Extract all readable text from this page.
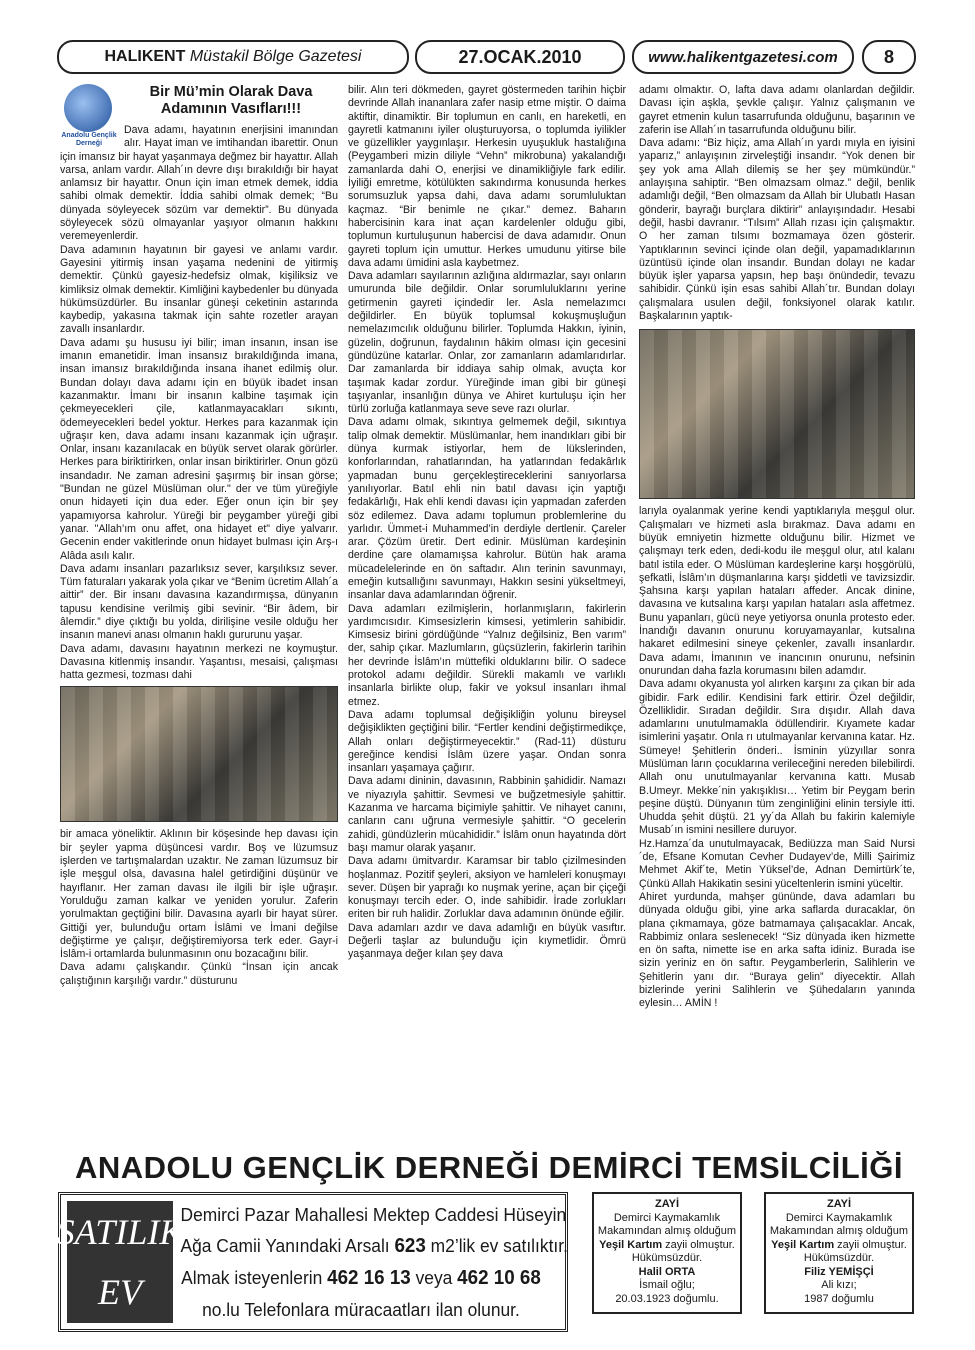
HALIKENT
Müstakil Bölge Gazetesi	27.OCAK.2010	www.halikentgazetesi.com	8
Anadolu Gençlik Derneği
Bir Mü’min Olarak Dava Adamının Vasıfları!!!

Dava adamı, hayatının enerjisini imanından alır. Hayat iman ve imtihandan ibarettir. Onun için imansız bir hayat yaşanmaya değmez bir hayattır. Allah varsa, anlam vardır. Allah´ın devre dışı bırakıldığı bir hayat anlamsız bir hayattır. Onun için iman etmek demek, iddia sahibi olmak demektir. İddia sahibi olmak demek; “Bu dünyada söyleyecek sözüm var demektir”. Bu dünyada söyleyecek sözü olmayanlar yaşıyor olmanın hakkını veremeyenlerdir.

Dava adamının hayatının bir gayesi ve anlamı vardır. Gayesini yitirmiş insan yaşama nedenini de yitirmiş demektir. Çünkü gayesiz-hedefsiz olmak, kişiliksiz ve kimliksiz olmak demektir. Kimliğini kaybedenler bu dünyada hükümsüzdürler. Bu insanlar güneşi ceketinin astarında kaybedip, yakasına takmak için sahte rozetler arayan zavallı insanlardır.

Dava adamı şu hususu iyi bilir; iman insanın, insan ise imanın emanetidir. İman insansız bırakıldığında imana, insan imansız bırakıldığında insana ihanet edilmiş olur. Bundan dolayı dava adamı için en büyük ibadet insan kazanmaktır. İmanı bir insanın kalbine taşımak için çekmeyecekleri çile, katlanmayacakları sıkıntı, ödemeyecekleri bedel yoktur. Herkes para kazanmak için uğraşır ken, dava adamı insanı kazanmak için uğraşır. Onlar, insanı kazanılacak en büyük servet olarak görürler. Herkes para biriktirirken, onlar insan biriktirirler. Onun gözü insandadır. Ne zaman adresini şaşırmış bir insan görse; "Bundan ne güzel Müslüman olur." der ve tüm yüreğiyle onun hidayeti için dua eder. Eğer onun için bir şey yapamıyorsa kahrolur. Yüreği bir peygamber yüreği gibi yanar. "Allah’ım onu affet, ona hidayet et" diye yalvarır. Gecenin ender vakitlerinde onun hidayet bulması için Arş-ı Alâda asılı kalır.

Dava adamı insanları pazarlıksız sever, karşılıksız sever. Tüm faturaları yakarak yola çıkar ve “Benim ücretim Allah´a aittir” der. Bir insanı davasına kazandırmışsa, dünyanın tapusu kendisine verilmiş gibi sevinir. “Bir âdem, bir âlemdir.” diye çıktığı bu yolda, dirilişine vesile olduğu her insanın manevi anası olmanın haklı gururunu yaşar.

Dava adamı, davasını hayatının merkezi ne koymuştur. Davasına kitlenmiş insandır. Yaşantısı, mesaisi, çalışması hatta gezmesi, tozması dahi

bir amaca yöneliktir. Aklının bir köşesinde hep davası için bir şeyler yapma düşüncesi vardır. Boş ve lüzumsuz işlerden ve tartışmalardan uzaktır. Ne zaman lüzumsuz bir işle meşgul olsa, davasına halel getirdiğini düşünür ve hayıflanır. Her zaman davası ile ilgili bir işle uğraşır. Yorulduğu zaman kalkar ve yeniden yorulur. Zaferin yorulmaktan geçtiğini bilir. Davasına ayarlı bir hayat sürer. Gittiği yer, bulunduğu ortam İslâmi ve İmani değilse değiştirme ye çalışır, değiştiremiyorsa terk eder. Gayr-i İslâm-i ortamlarda bulunmasının onu bozacağını bilir.

Dava adamı çalışkandır. Çünkü “İnsan için ancak çalıştığının karşılığı vardır.” düsturunu

bilir. Alın teri dökmeden, gayret göstermeden tarihin hiçbir devrinde Allah inananlara zafer nasip etme miştir. O daima aktiftir, dinamiktir. Bir toplumun en canlı, en hareketli, en gayretli katmanını iyiler oluşturuyorsa, o toplumda iyilikler ve güzellikler yaygınlaşır. Herkesin uyuşukluk hastalığına (Peygamberi mizin diliyle “Vehn” mikrobuna) yakalandığı zamanlarda dahi O, enerjisi ve dinamikliğiyle fark edilir. İyiliği emretme, kötülükten sakındırma konusunda herkes sorumsuzluk yapsa dahi, dava adamı sorumluluktan kaçmaz. “Bir benimle ne çıkar.” demez. Baharın habercisinin kara inat açan kardelenler olduğu gibi, toplumun kurtuluşunun habercisi de dava adamıdır. Onun gayreti toplum için umuttur. Herkes umudunu yitirse bile dava adamı ümidini asla kaybetmez.

Dava adamları sayılarının azlığına aldırmazlar, sayı onların umurunda bile değildir. Onlar sorumluluklarını yerine getirmenin gayreti içindedir ler. Asla nemelazımcı değildirler. En büyük toplumsal kokuşmuşluğun nemelazımcılık olduğunu bilirler. Toplumda Hakkın, iyinin, güzelin, doğrunun, faydalının hâkim olması için gecesini gündüzüne katarlar. Onlar, zor zamanların adamlarıdırlar. Dar zamanlarda bir iddiaya sahip olmak, avuçta kor taşımak kadar zordur. Yüreğinde iman gibi bir güneşi taşıyanlar, insanlığın dünya ve Ahiret kurtuluşu için her türlü zorluğa katlanmaya seve seve razı olurlar.

Dava adamı olmak, sıkıntıya gelmemek değil, sıkıntıya talip olmak demektir. Müslümanlar, hem inandıkları gibi bir dünya kurmak istiyorlar, hem de lükslerinden, konforlarından, rahatlarından, ha yatlarından fedakârlık yapmadan bunu gerçekleştireceklerini sanıyorlarsa yanılıyorlar. Batıl ehli nin batıl davası için yaptığı fedakârlığı, Hak ehli kendi davası için yapmadan zaferden söz edilemez. Dava adamı toplumun problemlerine du yarlıdır. Ümmet-i Muhammed’in derdiyle dertlenir. Çareler arar. Çözüm üretir. Dert edinir. Müslüman kardeşinin derdine çare olamamışsa kahrolur. Bütün hak arama mücadelelerinde en ön saftadır. Alın terinin savunmayı, emeğin kutsallığını savunmayı, Hakkın sesini yükseltmeyi, insanlar dava adamlarından öğrenir.

Dava adamları ezilmişlerin, horlanmışların, fakirlerin yardımcısıdır. Kimsesizlerin kimsesi, yetimlerin sahibidir. Kimsesiz birini gördüğünde “Yalnız değilsiniz, Ben varım” der, sahip çıkar. Mazlumların, güçsüzlerin, fakirlerin tarihin her devrinde İslâm’ın müttefiki olduklarını bilir. O sadece protokol adamı değildir. Sürekli makamlı ve varlıklı insanlarla birlikte olup, fakir ve yoksul insanları ihmal etmez.

Dava adamı toplumsal değişikliğin yolunu bireysel değişiklikten geçtiğini bilir. “Fertler kendini değiştirmedikçe, Allah onları değiştirmeyecektir.” (Rad-11) düsturu gereğince kendisi İslâm üzere yaşar. Ondan sonra insanları yaşamaya çağırır.

Dava adamı dininin, davasının, Rabbinin şahididir. Namazı ve niyazıyla şahittir. Sevmesi ve buğzetmesiyle şahittir. Kazanma ve harcama biçimiyle şahittir. Ve nihayet canını, canların canı uğruna vermesiyle şahittir. “O gecelerin zahidi, gündüzlerin mücahididir.” İslâm onun hayatında dört başı mamur olarak yaşanır.

Dava adamı ümitvardır. Karamsar bir tablo çizilmesinden hoşlanmaz. Pozitif şeyleri, aksiyon ve hamleleri konuşmayı sever. Düşen bir yaprağı ko nuşmak yerine, açan bir çiçeği konuşmayı tercih eder. O, inde sahibidir. İrade zorlukları eriten bir ruh halidir. Zorluklar dava adamının önünde eğilir.

Dava adamları azdır ve dava adamlığı en büyük vasıftır. Değerli taşlar az bulunduğu için kıymetlidir. Ömrü yaşanmaya değer kılan şey dava

adamı olmaktır. O, lafta dava adamı olanlardan değildir. Davası için aşkla, şevkle çalışır. Yalnız çalışmanın ve gayret etmenin kulun tasarrufunda olduğunu, başarının ve zaferin ise Allah´ın tasarrufunda olduğunu bilir.

Dava adamı: “Biz hiçiz, ama Allah´ın yardı mıyla en iyisini yaparız,” anlayışının zirveleştiği insandır. “Yok denen bir şey yok ama Allah dilemiş se her şey mümkündür.” anlayışına sahiptir. “Ben olmazsam olmaz.” değil, benlik adamlığı değil, “Ben olmazsam da Allah bir Ulubatlı Hasan gönderir, bayrağı burçlara diktirir” anlayışındadır. Hesabi değil, hasbi davranır. “Tılsım” Allah rızası için çalışmaktır. O her zaman tılsımı bozmamaya özen gösterir. Yaptıklarının sevinci içinde olan değil, yapamadıklarının üzüntüsü içinde olan insandır. Bundan dolayı ne kadar büyük işler yaparsa yapsın, hep başı önündedir, tevazu sahibidir. Çünkü işin esas sahibi Allah´tır. Bundan dolayı çalışmalara usulen değil, fonksiyonel olarak katılır. Başkalarının yaptık-

larıyla oyalanmak yerine kendi yaptıklarıyla meşgul olur. Çalışmaları ve hizmeti asla bırakmaz. Dava adamı en büyük emniyetin hizmette olduğunu bilir. Hizmet ve çalışmayı terk eden, dedi-kodu ile meşgul olur, atıl kalanı batıl istila eder. O Müslüman kardeşlerine karşı hoşgörülü, şefkatli, İslâm’ın düşmanlarına karşı şiddetli ve tavizsizdir. Şahsına karşı yapılan hataları affeder. Ancak dinine, davasına ve kutsalına karşı yapılan hataları asla affetmez. Bunu yapanları, gücü neye yetiyorsa onunla protesto eder. İnandığı davanın onurunu koruyamayanlar, kutsalına hakaret edilmesini sineye çekenler, zavallı insanlardır. Dava adamı, İmanının ve inancının onurunu, nefsinin onurundan daha fazla korumasını bilen adamdır.

Dava adamı okyanusta yol alırken karşını za çıkan bir ada gibidir. Fark edilir. Kendisini fark ettirir. Özel değildir, Özelliklidir. Sıradan değildir. Sıra dışıdır. Allah dava adamlarını unutulmamakla ödüllendirir. Kıyamete kadar isimlerini yaşatır. Onla rı utulmayanlar kervanına katar. Hz. Sümeye! Şehitlerin önderi.. İsminin yüzyıllar sonra Müslüman ların çocuklarına verileceğini nereden bilebilirdi. Allah onu unutulmayanlar kervanına kattı. Musab B.Umeyr. Mekke´nin yakışıklısı… Yetim bir Peygam berin peşine düştü. Dünyanın tüm zenginliğini elinin tersiyle itti. Uhudda şehit düştü. 21 yy´da Allah bu fakirin kalemiyle Musab´ın ismini nesillere duruyor.

Hz.Hamza´da unutulmayacak, Bediüzza man Said Nursi´de, Efsane Komutan Cevher Dudayev’de, Milli Şairimiz Mehmet Akif´te, Metin Yüksel’de, Adnan Demirtürk´te, Çünkü Allah Hakikatin sesini yüceltenlerin ismini yüceltir.

Ahiret yurdunda, mahşer gününde, dava adamları bu dünyada olduğu gibi, yine arka saflarda duracaklar, ön plana çıkmamaya, göze batmamaya çalışacaklar. Ancak, Rabbimiz onlara seslenecek! “Siz dünyada iken hizmette en ön safta, nimette ise en arka safta idiniz. Burada ise sizin yeriniz en ön saftır. Peygamberlerin, Salihlerin ve Şehitlerin yanı dır. “Buraya gelin” diyecektir. Allah bizlerinde yerini Salihlerin ve Şühedaların yanında eylesin… AMİN !

ANADOLU GENÇLİK DERNEĞİ DEMİRCİ TEMSİLCİLİĞİ
SATILIK
EV
Demirci Pazar Mahallesi Mektep Caddesi Hüseyin
Ağa Camii Yanındaki Arsalı 623 m2’lik ev satılıktır.
Almak isteyenlerin 462 16 13 veya 462 10 68
no.lu Telefonlara müracaatları ilan olunur.
ZAYİ
Demirci Kaymakamlık
Makamından almış olduğum
Yeşil Kartım zayii olmuştur.
Hükümsüzdür.
Halil ORTA
İsmail oğlu;
20.03.1923 doğumlu.
ZAYİ
Demirci Kaymakamlık
Makamından almış olduğum
Yeşil Kartım zayii olmuştur.
Hükümsüzdür.
Filiz YEMİŞÇİ
Ali kızı;
1987 doğumlu
